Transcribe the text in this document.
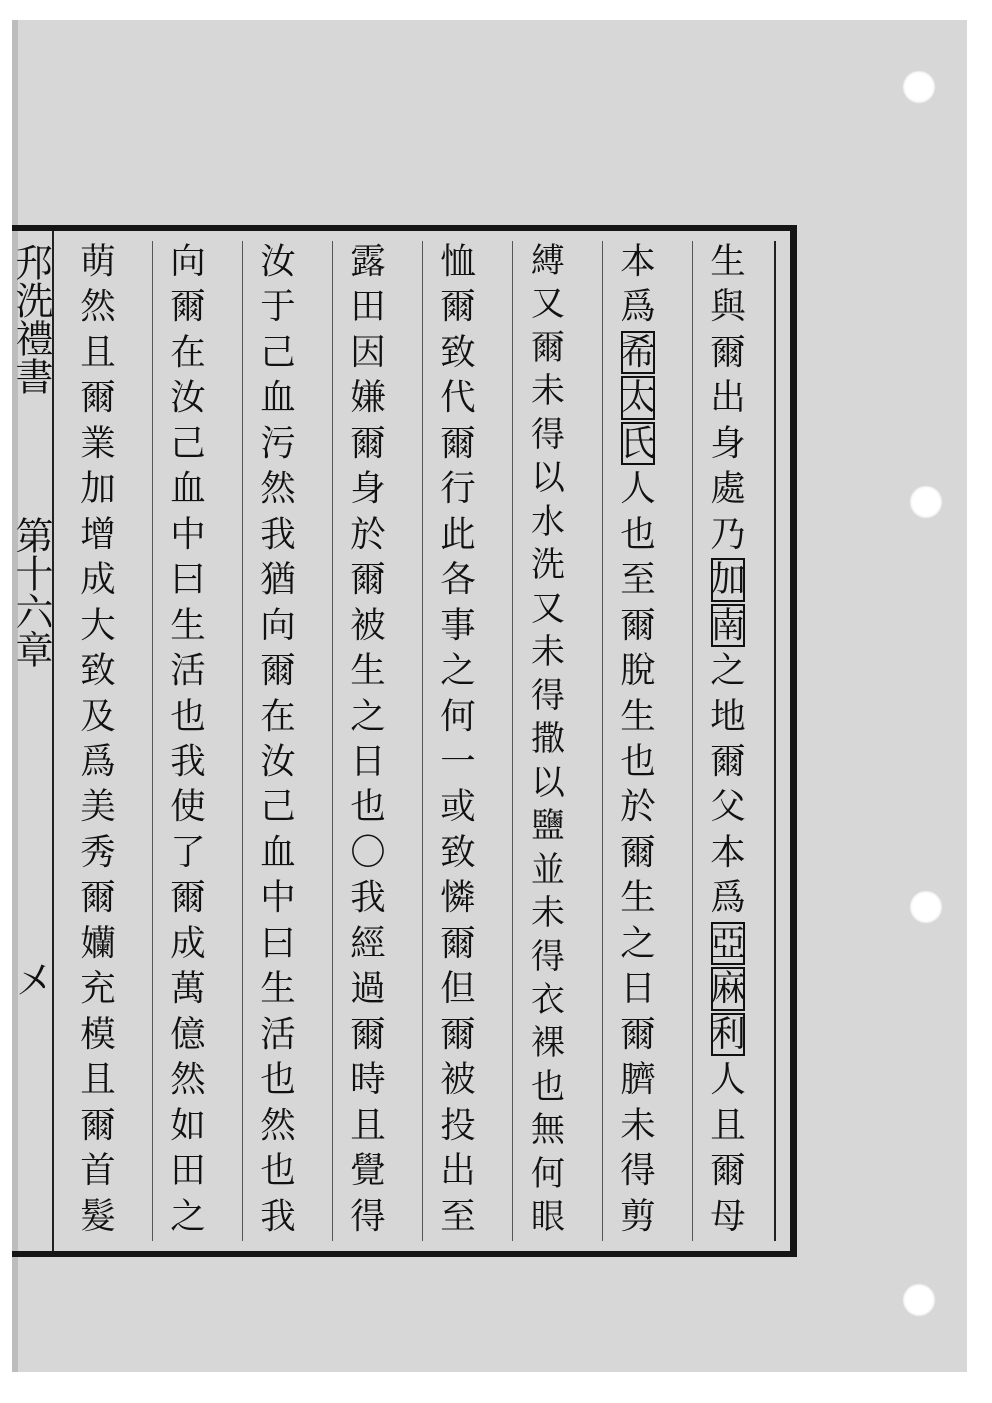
䢴洗禮書
第十六章
㐅
生
與
爾
出
身
處
乃
加
南
之
地
爾
父
本
爲
亞
麻
利
人
且
爾
母
本
爲
希
太
氏
人
也
至
爾
脫
生
也
於
爾
生
之
日
爾
臍
未
得
剪
縛
又
爾
未
得
以
水
洗
又
未
得
撒
以
鹽
並
未
得
衣
裸
也
無
何
眼
恤
爾
致
代
爾
行
此
各
事
之
何
一
或
致
憐
爾
但
爾
被
投
出
至
露
田
因
嫌
爾
身
於
爾
被
生
之
日
也
〇
我
經
過
爾
時
且
覺
得
汝
于
己
血
污
然
我
猶
向
爾
在
汝
己
血
中
曰
生
活
也
然
也
我
向
爾
在
汝
己
血
中
曰
生
活
也
我
使
了
爾
成
萬
億
然
如
田
之
萌
然
且
爾
業
加
增
成
大
致
及
爲
美
秀
爾
孏
充
模
且
爾
首
髮
